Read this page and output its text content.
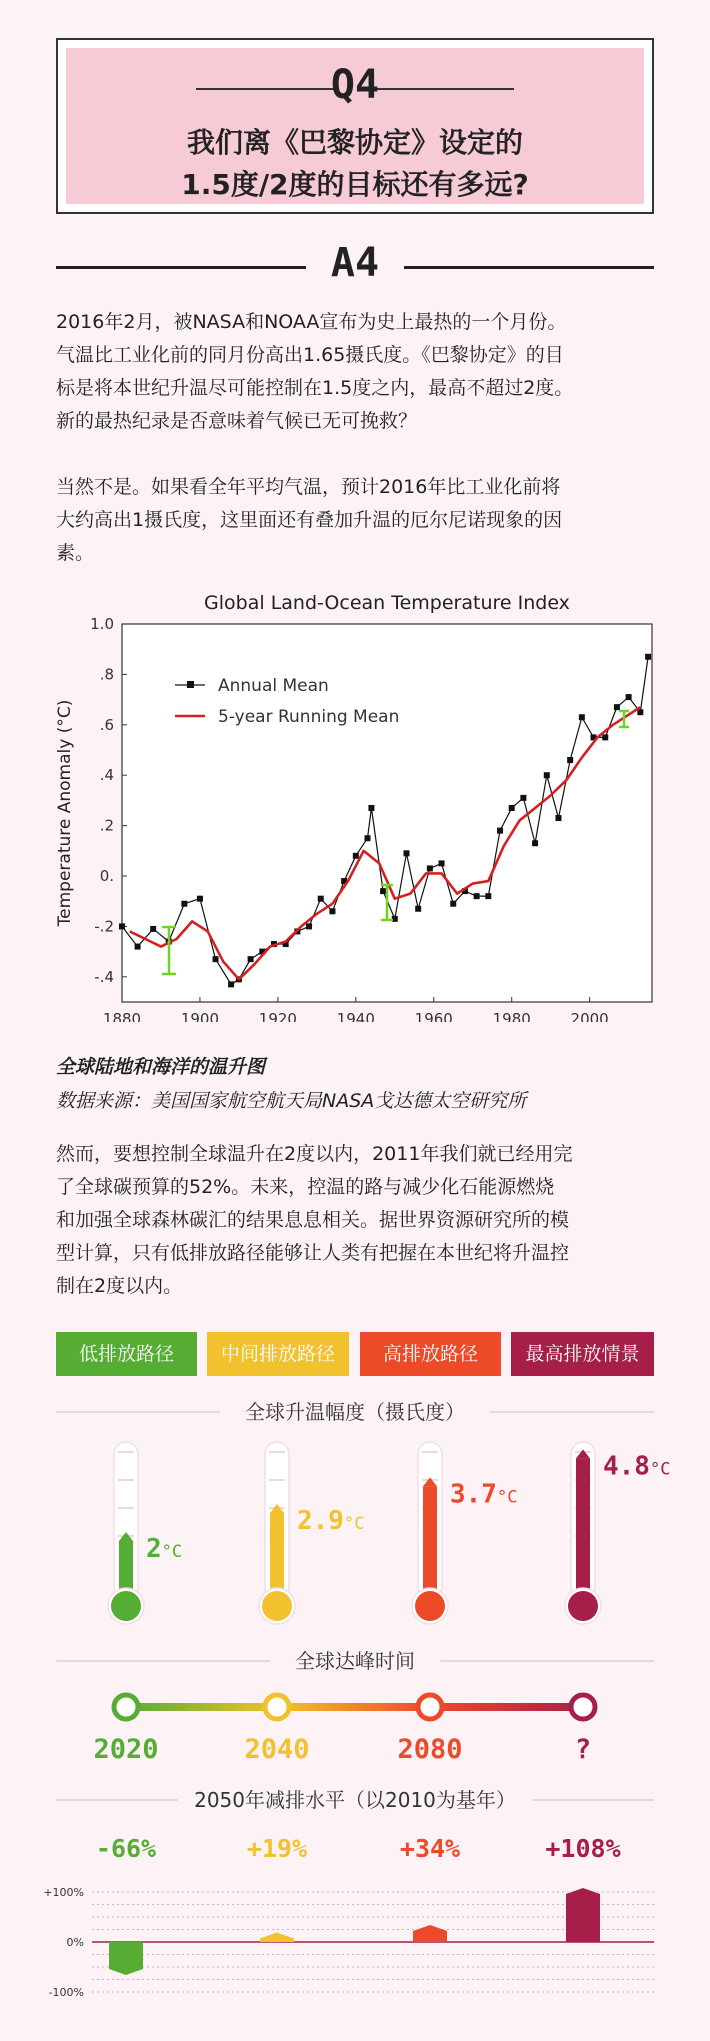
Q4
我们离《巴黎协定》设定的
1.5度/2度的目标还有多远?
A4
2016年2月，被NASA和NOAA宣布为史上最热的一个月份。
气温比工业化前的同月份高出1.65摄氏度。《巴黎协定》的目
标是将本世纪升温尽可能控制在1.5度之内，最高不超过2度。
新的最热纪录是否意味着气候已无可挽救？
当然不是。如果看全年平均气温，预计2016年比工业化前将
大约高出1摄氏度，这里面还有叠加升温的厄尔尼诺现象的因
素。
Global Land-Ocean Temperature Index
Temperature Anomaly (°C)
1880	1900	1920	1940	1960	1980	2000
1.0
.8
.6
.4
.2
0.
-.2
-.4
Annual Mean
5-year Running Mean
全球陆地和海洋的温升图
数据来源：美国国家航空航天局NASA戈达德太空研究所
然而，要想控制全球温升在2度以内，2011年我们就已经用完
了全球碳预算的52%。未来，控温的路与减少化石能源燃烧
和加强全球森林碳汇的结果息息相关。据世界资源研究所的模
型计算，只有低排放路径能够让人类有把握在本世纪将升温控
制在2度以内。
低排放路径	中间排放路径	高排放路径	最高排放情景
全球升温幅度（摄氏度）
全球达峰时间
2050年减排水平（以2010为基年）
2°C
2.9°C
3.7°C
4.8°C
2020	2040	2080	?
+100%
0%
-100%
-66%	+19%	+34%	+108%
